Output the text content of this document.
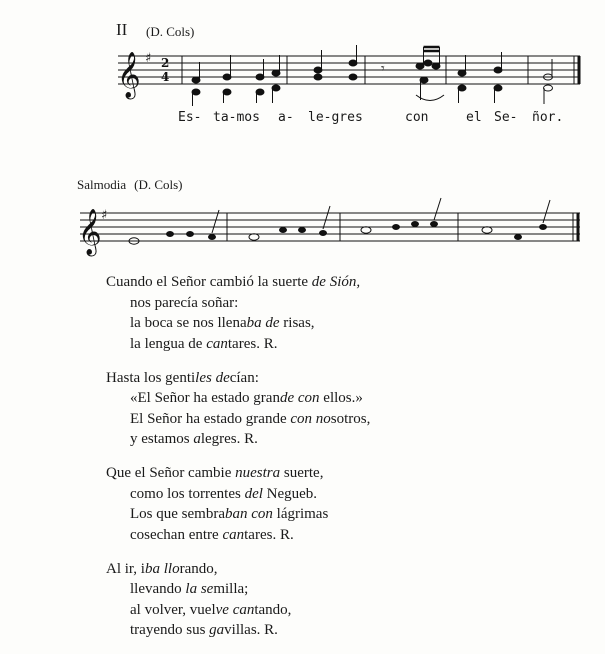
II (D. Cols)
𝄞 ♯ 2
4	𝄾
Es- ta-mos a- le-gres	con	el Se- ñor.
Salmodia (D. Cols)
𝄞 ♯
Cuando el Señor cambió la suerte de Sión,
nos parecía soñar:
la boca se nos llenaba de risas,
la lengua de cantares. R.
Hasta los gentiles decían:
«El Señor ha estado grande con ellos.»
El Señor ha estado grande con nosotros,
y estamos alegres. R.
Que el Señor cambie nuestra suerte,
como los torrentes del Negueb.
Los que sembraban con lágrimas
cosechan entre cantares. R.
Al ir, iba llorando,
llevando la semilla;
al volver, vuelve cantando,
trayendo sus gavillas. R.
